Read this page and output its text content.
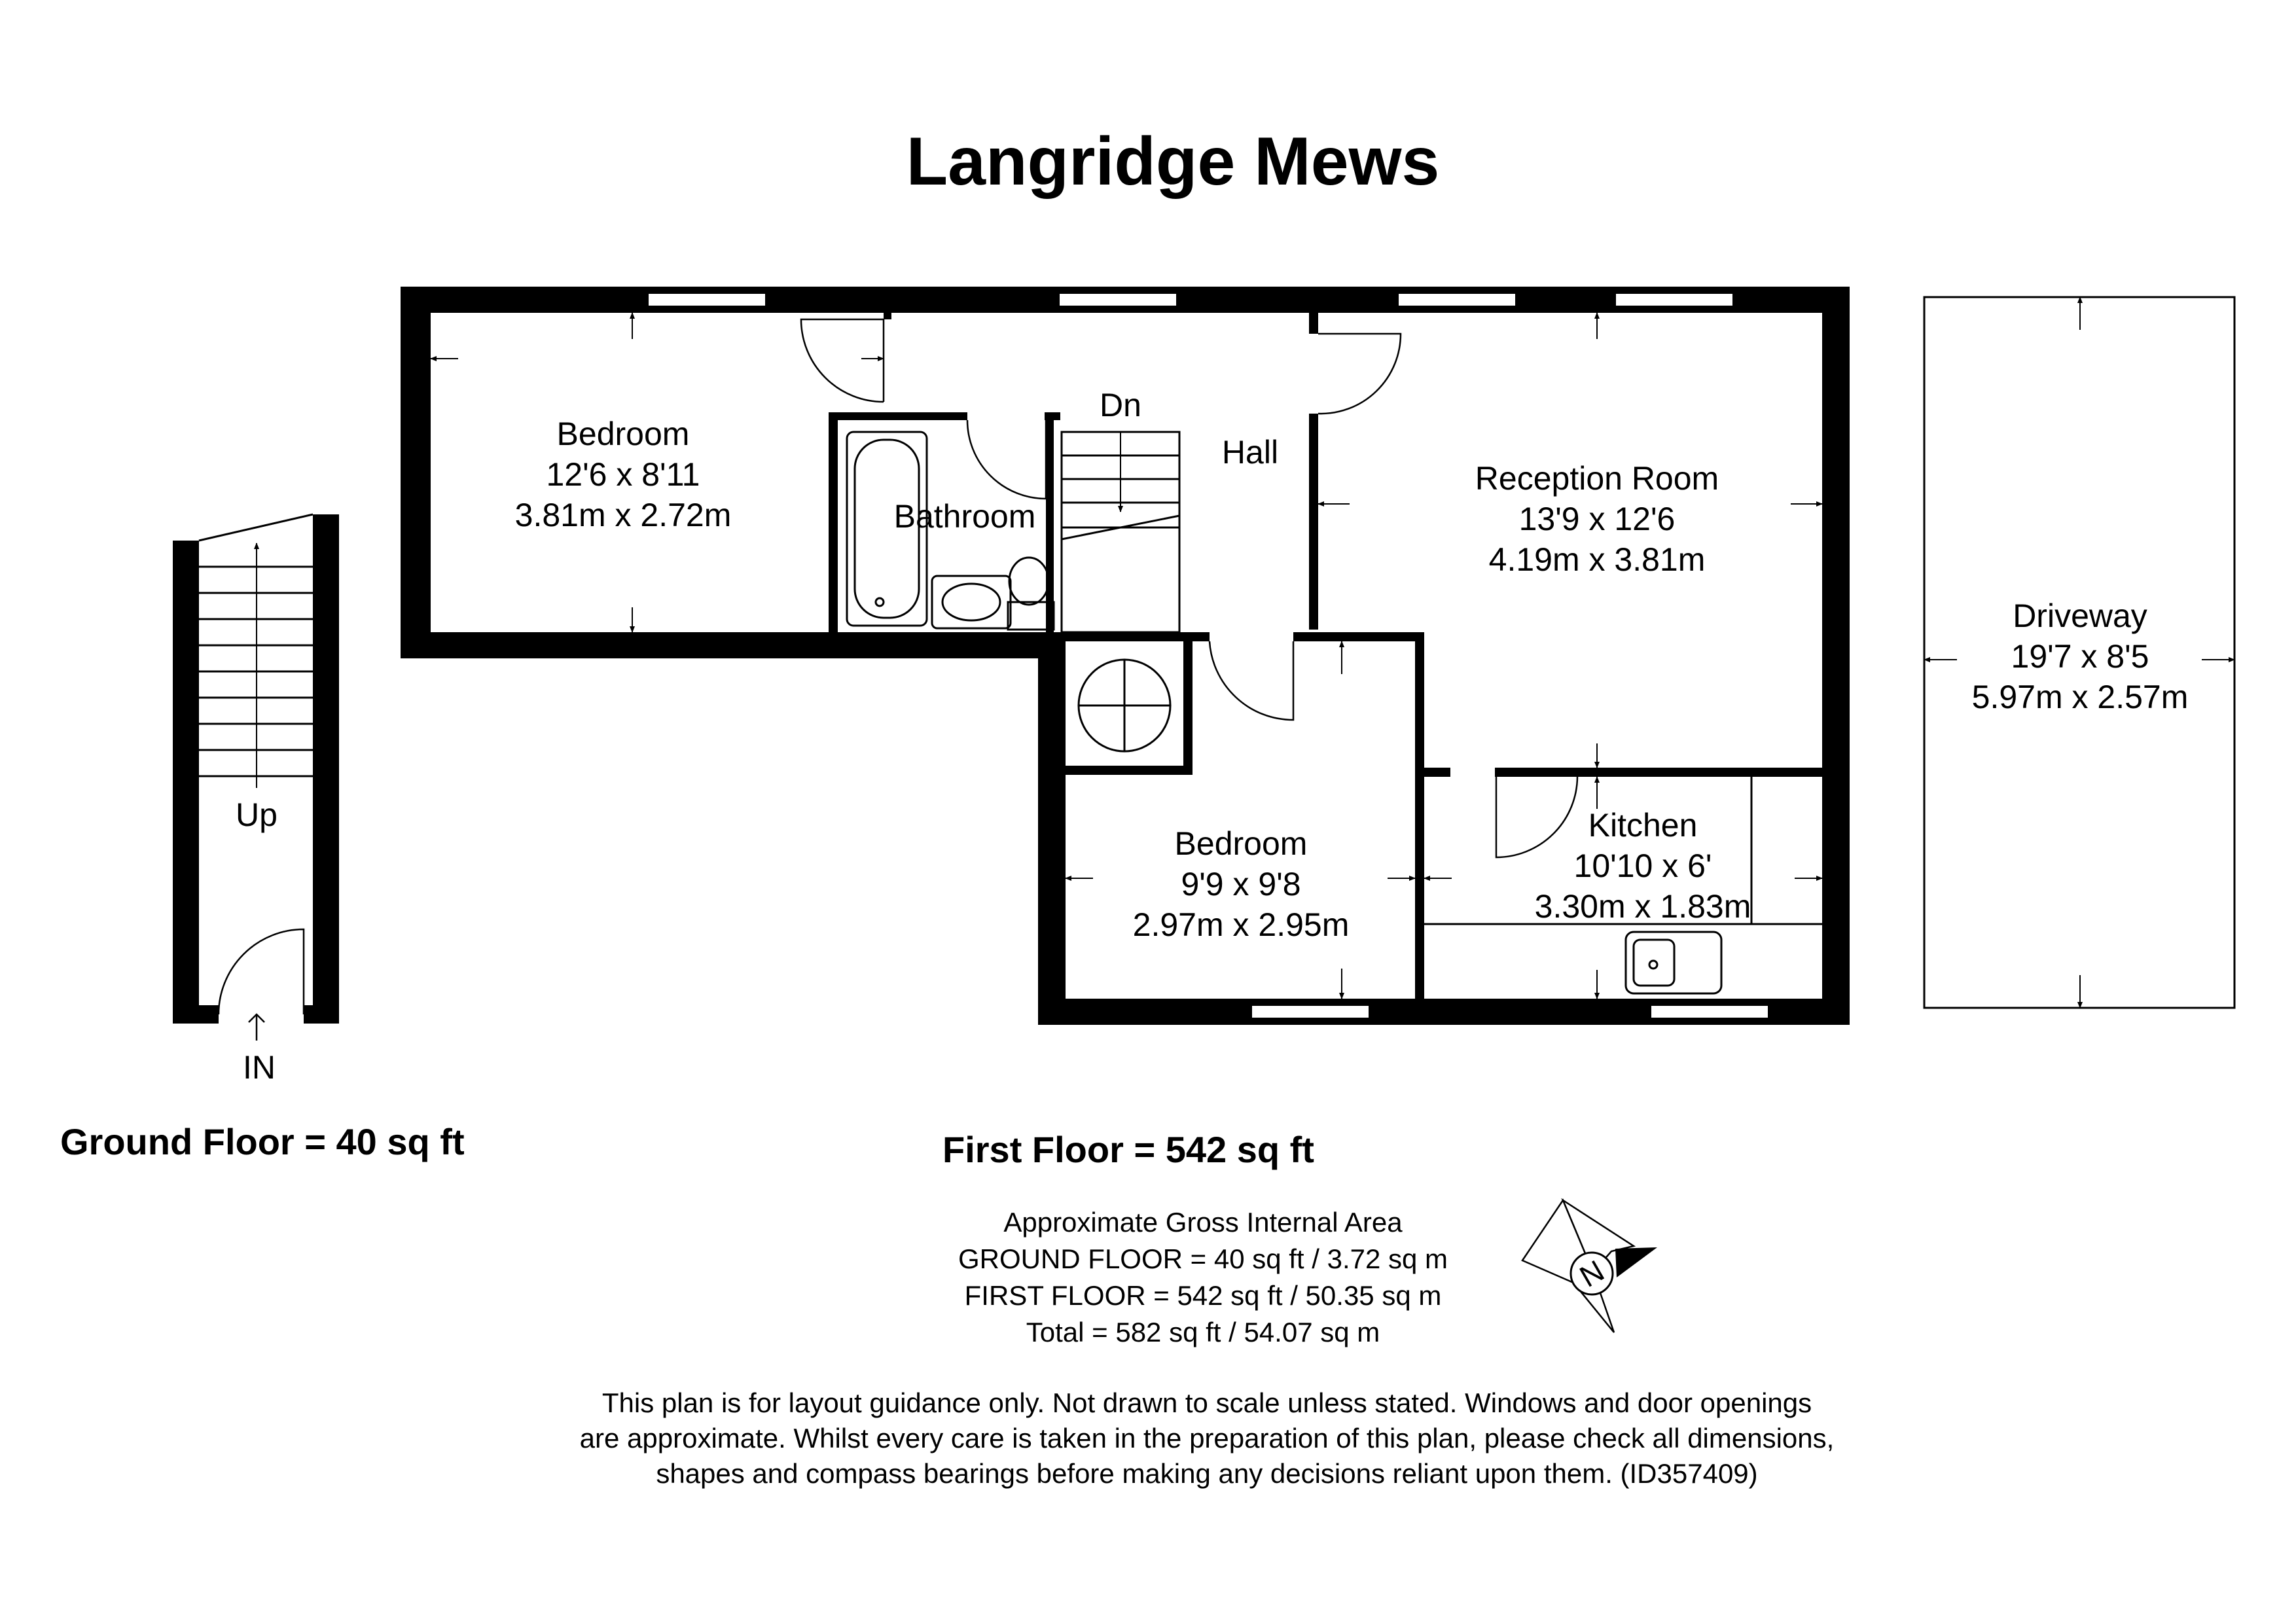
Langridge Mews
Dn
Bedroom
12'6 x 8'11
3.81m x 2.72m	Bathroom
Hall
Reception Room
13'9 x 12'6
4.19m x 3.81m
Bedroom
9'9 x 9'8
2.97m x 2.95m
Kitchen
10'10 x 6'
3.30m x 1.83m
Driveway
19'7 x 8'5
5.97m x 2.57m
Up
IN
Ground Floor = 40 sq ft	First Floor = 542 sq ft
Approximate Gross Internal Area
GROUND FLOOR = 40 sq ft / 3.72 sq m
FIRST FLOOR = 542 sq ft / 50.35 sq m
Total = 582 sq ft / 54.07 sq m
N
This plan is for layout guidance only. Not drawn to scale unless stated. Windows and door openings
are approximate. Whilst every care is taken in the preparation of this plan, please check all dimensions,
shapes and compass bearings before making any decisions reliant upon them. (ID357409)
